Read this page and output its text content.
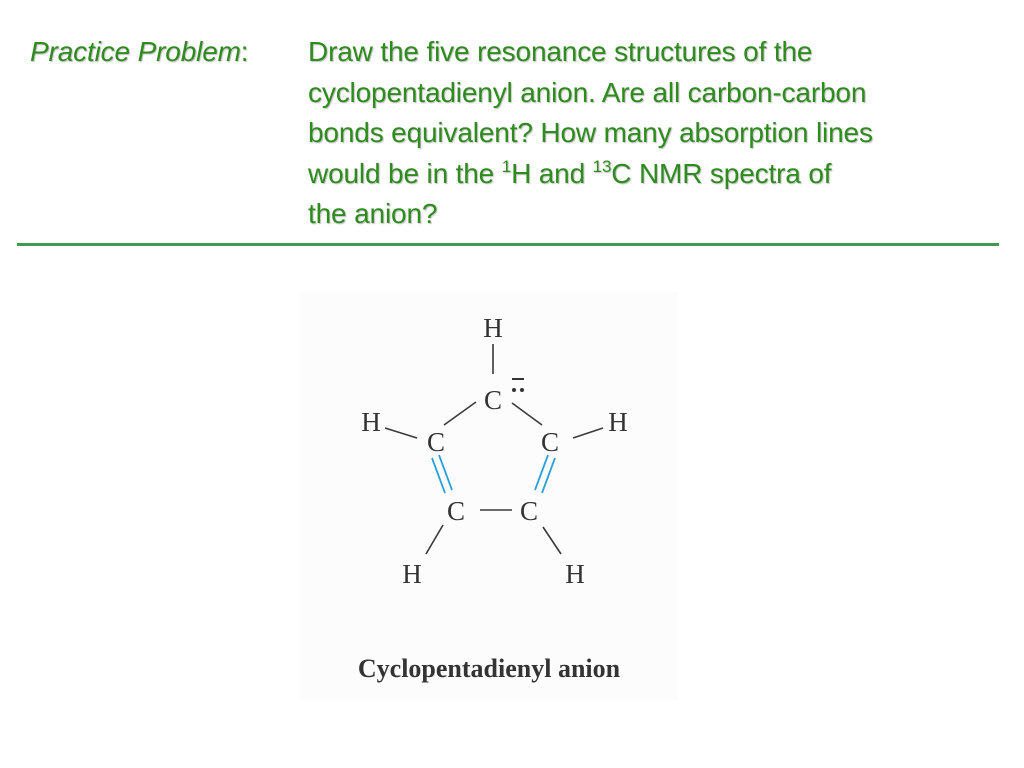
Practice Problem: Draw the five resonance structures of the
cyclopentadienyl anion. Are all carbon-carbon
bonds equivalent? How many absorption lines
would be in the $^1$H and $^{13}$C NMR spectra of
the anion?
H
C
H
C	C
H
C C
H	H
Cyclopentadienyl anion
